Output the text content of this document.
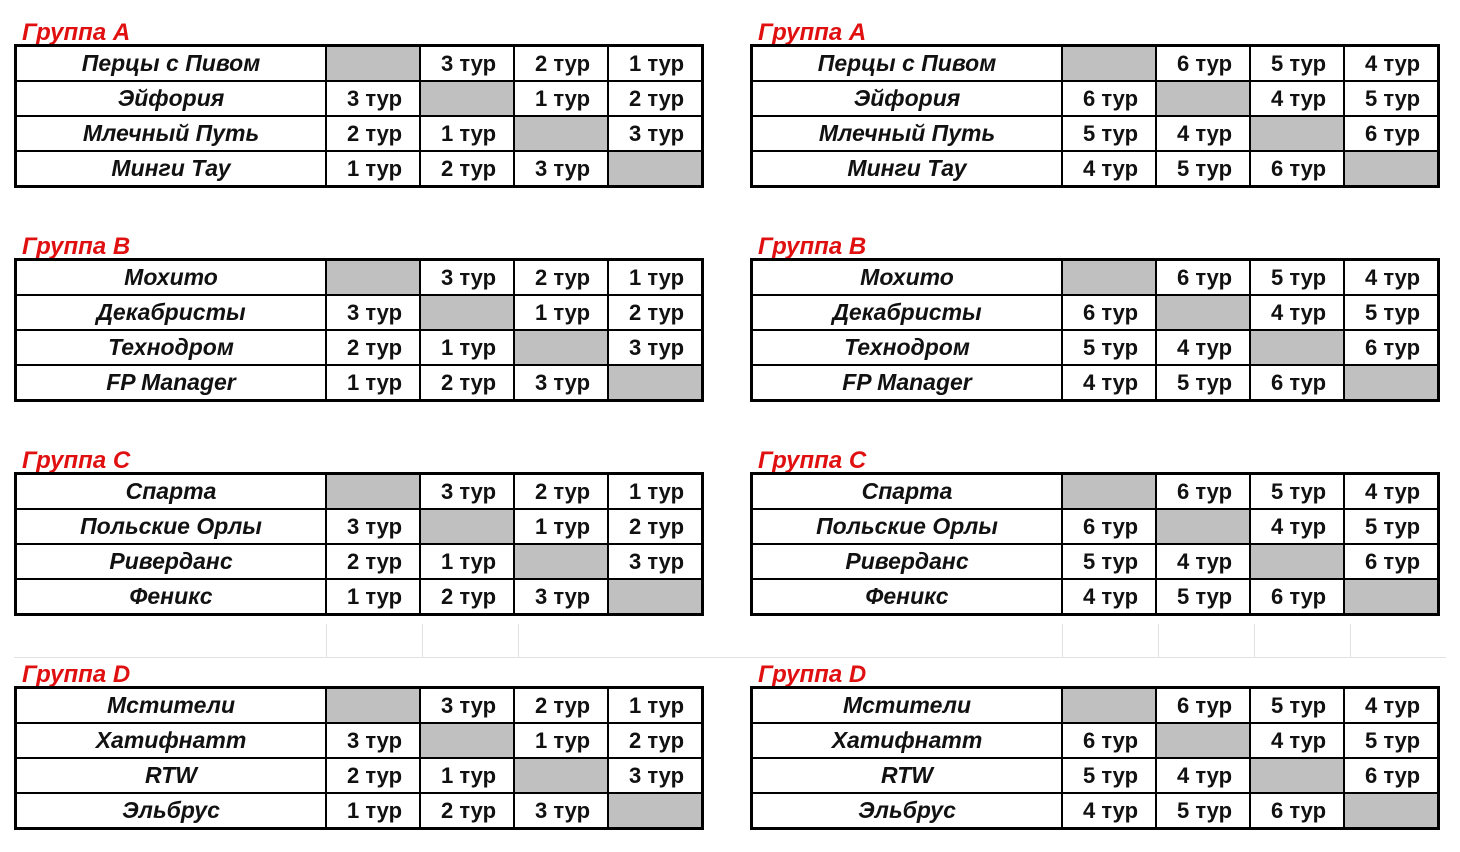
Группа A
Перцы с Пивом		3 тур	2 тур	1 тур
Эйфория	3 тур		1 тур	2 тур
Млечный Путь	2 тур	1 тур		3 тур
Минги Тау	1 тур	2 тур	3 тур	
Группа B
Мохито		3 тур	2 тур	1 тур
Декабристы	3 тур		1 тур	2 тур
Технодром	2 тур	1 тур		3 тур
FP Manager	1 тур	2 тур	3 тур	
Группа C
Спарта		3 тур	2 тур	1 тур
Польские Орлы	3 тур		1 тур	2 тур
Риверданс	2 тур	1 тур		3 тур
Феникс	1 тур	2 тур	3 тур	
Группа D
Мстители		3 тур	2 тур	1 тур
Хатифнатт	3 тур		1 тур	2 тур
RTW	2 тур	1 тур		3 тур
Эльбрус	1 тур	2 тур	3 тур	
Группа A
Перцы с Пивом		6 тур	5 тур	4 тур
Эйфория	6 тур		4 тур	5 тур
Млечный Путь	5 тур	4 тур		6 тур
Минги Тау	4 тур	5 тур	6 тур	
Группа B
Мохито		6 тур	5 тур	4 тур
Декабристы	6 тур		4 тур	5 тур
Технодром	5 тур	4 тур		6 тур
FP Manager	4 тур	5 тур	6 тур	
Группа C
Спарта		6 тур	5 тур	4 тур
Польские Орлы	6 тур		4 тур	5 тур
Риверданс	5 тур	4 тур		6 тур
Феникс	4 тур	5 тур	6 тур	
Группа D
Мстители		6 тур	5 тур	4 тур
Хатифнатт	6 тур		4 тур	5 тур
RTW	5 тур	4 тур		6 тур
Эльбрус	4 тур	5 тур	6 тур	
